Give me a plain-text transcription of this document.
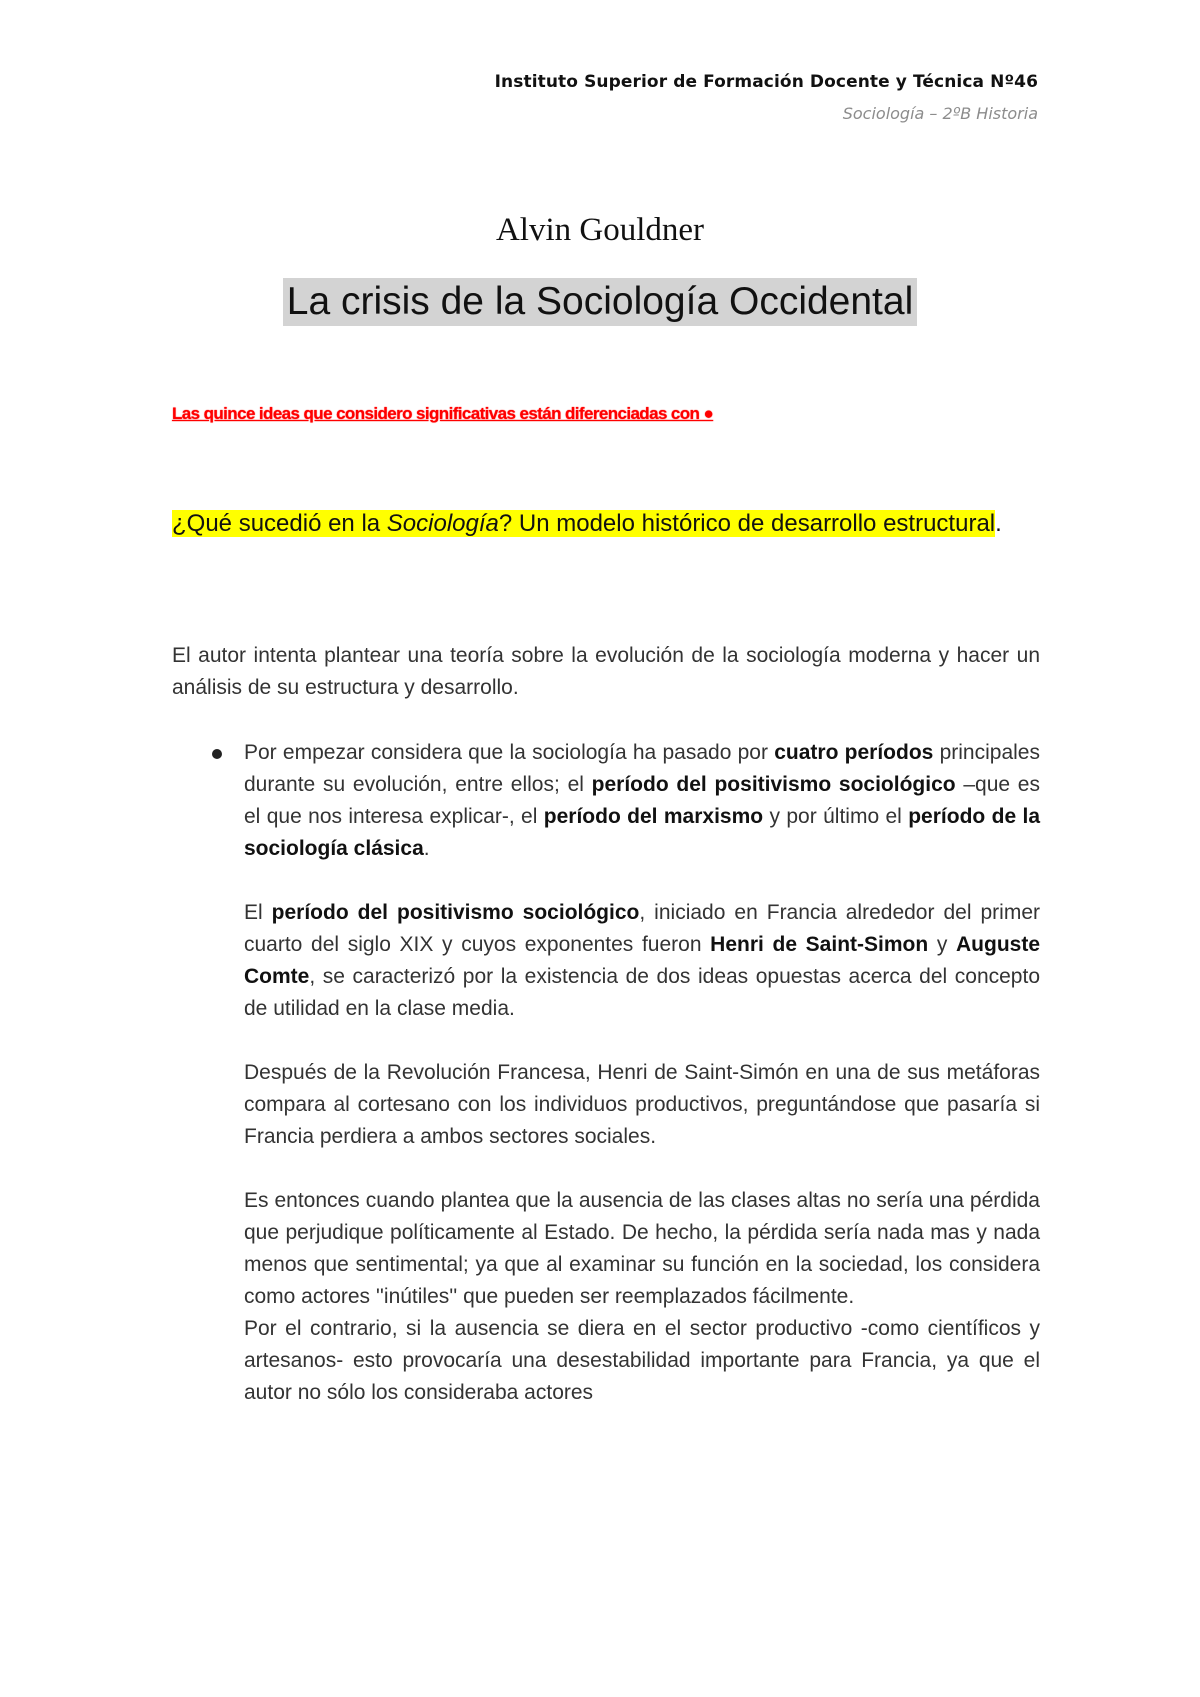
Instituto Superior de Formación Docente y Técnica Nº46
Sociología – 2ºB Historia
Alvin Gouldner
La crisis de la Sociología Occidental
Las quince ideas que considero significativas están diferenciadas con ●
¿Qué sucedió en la Sociología? Un modelo histórico de desarrollo estructural.
El autor intenta plantear una teoría sobre la evolución de la sociología moderna y hacer un análisis de su estructura y desarrollo.

Por empezar considera que la sociología ha pasado por cuatro períodos principales durante su evolución, entre ellos; el período del positivismo sociológico –que es el que nos interesa explicar-, el período del marxismo y por último el período de la sociología clásica.

El período del positivismo sociológico, iniciado en Francia alrededor del primer cuarto del siglo XIX y cuyos exponentes fueron Henri de Saint-Simon y Auguste Comte, se caracterizó por la existencia de dos ideas opuestas acerca del concepto de utilidad en la clase media.

Después de la Revolución Francesa, Henri de Saint-Simón en una de sus metáforas compara al cortesano con los individuos productivos, preguntándose que pasaría si Francia perdiera a ambos sectores sociales.

Es entonces cuando plantea que la ausencia de las clases altas no sería una pérdida que perjudique políticamente al Estado. De hecho, la pérdida sería nada mas y nada menos que sentimental; ya que al examinar su función en la sociedad, los considera como actores ''inútiles'' que pueden ser reemplazados fácilmente.

Por el contrario, si la ausencia se diera en el sector productivo -como científicos y artesanos- esto provocaría una desestabilidad importante para Francia, ya que el autor no sólo los consideraba actores
